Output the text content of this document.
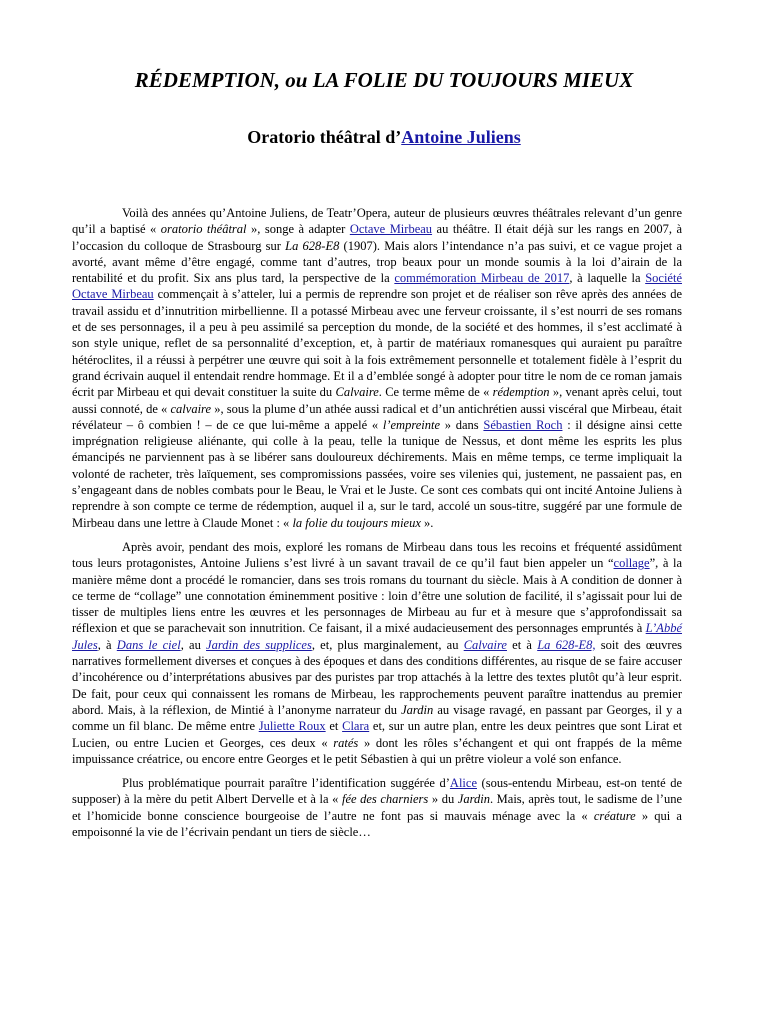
RÉDEMPTION, ou LA FOLIE DU TOUJOURS MIEUX
Oratorio théâtral d’Antoine Juliens

Voilà des années qu’Antoine Juliens, de Teatr’Opera, auteur de plusieurs œuvres théâtrales relevant d’un genre qu’il a baptisé « oratorio théâtral », songe à adapter Octave Mirbeau au théâtre. Il était déjà sur les rangs en 2007, à l’occasion du colloque de Strasbourg sur La 628-E8 (1907). Mais alors l’intendance n’a pas suivi, et ce vague projet a avorté, avant même d’être engagé, comme tant d’autres, trop beaux pour un monde soumis à la loi d’airain de la rentabilité et du profit. Six ans plus tard, la perspective de la commémoration Mirbeau de 2017, à laquelle la Société Octave Mirbeau commençait à s’atteler, lui a permis de reprendre son projet et de réaliser son rêve après des années de travail assidu et d’innutrition mirbellienne. Il a potassé Mirbeau avec une ferveur croissante, il s’est nourri de ses romans et de ses personnages, il a peu à peu assimilé sa perception du monde, de la société et des hommes, il s’est acclimaté à son style unique, reflet de sa personnalité d’exception, et, à partir de matériaux romanesques qui auraient pu paraître hétéroclites, il a réussi à perpétrer une œuvre qui soit à la fois extrêmement personnelle et totalement fidèle à l’esprit du grand écrivain auquel il entendait rendre hommage. Et il a d’emblée songé à adopter pour titre le nom de ce roman jamais écrit par Mirbeau et qui devait constituer la suite du Calvaire. Ce terme même de « rédemption », venant après celui, tout aussi connoté, de « calvaire », sous la plume d’un athée aussi radical et d’un antichrétien aussi viscéral que Mirbeau, était révélateur – ô combien ! – de ce que lui-même a appelé « l’empreinte » dans Sébastien Roch : il désigne ainsi cette imprégnation religieuse aliénante, qui colle à la peau, telle la tunique de Nessus, et dont même les esprits les plus émancipés ne parviennent pas à se libérer sans douloureux déchirements. Mais en même temps, ce terme impliquait la volonté de racheter, très laïquement, ses compromissions passées, voire ses vilenies qui, justement, ne passaient pas, en s’engageant dans de nobles combats pour le Beau, le Vrai et le Juste. Ce sont ces combats qui ont incité Antoine Juliens à reprendre à son compte ce terme de rédemption, auquel il a, sur le tard, accolé un sous-titre, suggéré par une formule de Mirbeau dans une lettre à Claude Monet : « la folie du toujours mieux ».

Après avoir, pendant des mois, exploré les romans de Mirbeau dans tous les recoins et fréquenté assidûment tous leurs protagonistes, Antoine Juliens s’est livré à un savant travail de ce qu’il faut bien appeler un “collage”, à la manière même dont a procédé le romancier, dans ses trois romans du tournant du siècle. Mais à A condition de donner à ce terme de “collage” une connotation éminemment positive : loin d’être une solution de facilité, il s’agissait pour lui de tisser de multiples liens entre les œuvres et les personnages de Mirbeau au fur et à mesure que s’approfondissait sa réflexion et que se parachevait son innutrition. Ce faisant, il a mixé audacieusement des personnages empruntés à L’Abbé Jules, à Dans le ciel, au Jardin des supplices, et, plus marginalement, au Calvaire et à La 628-E8, soit des œuvres narratives formellement diverses et conçues à des époques et dans des conditions différentes, au risque de se faire accuser d’incohérence ou d’interprétations abusives par des puristes par trop attachés à la lettre des textes plutôt qu’à leur esprit. De fait, pour ceux qui connaissent les romans de Mirbeau, les rapprochements peuvent paraître inattendus au premier abord. Mais, à la réflexion, de Mintié à l’anonyme narrateur du Jardin au visage ravagé, en passant par Georges, il y a comme un fil blanc. De même entre Juliette Roux et Clara et, sur un autre plan, entre les deux peintres que sont Lirat et Lucien, ou entre Lucien et Georges, ces deux « ratés » dont les rôles s’échangent et qui ont frappés de la même impuissance créatrice, ou encore entre Georges et le petit Sébastien à qui un prêtre violeur a volé son enfance.

Plus problématique pourrait paraître l’identification suggérée d’Alice (sous-entendu Mirbeau, est-on tenté de supposer) à la mère du petit Albert Dervelle et à la « fée des charniers » du Jardin. Mais, après tout, le sadisme de l’une et l’homicide bonne conscience bourgeoise de l’autre ne font pas si mauvais ménage avec la « créature » qui a empoisonné la vie de l’écrivain pendant un tiers de siècle…
